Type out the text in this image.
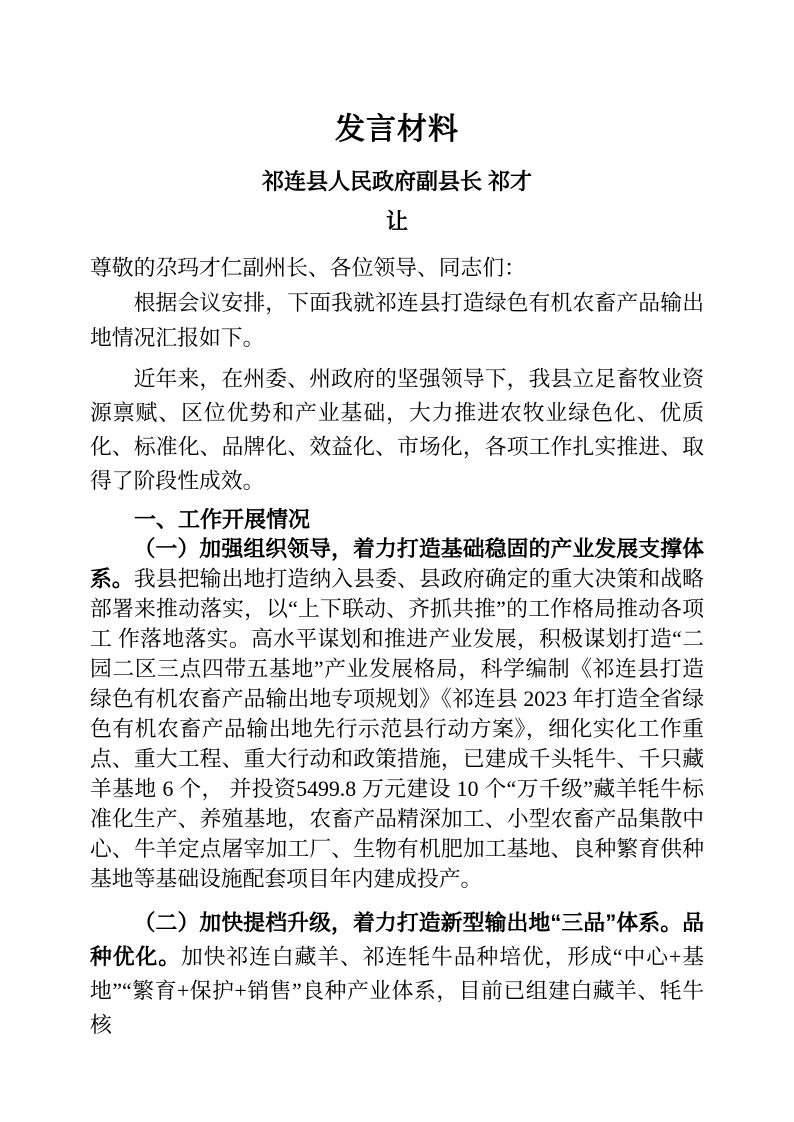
发言材料
祁连县人民政府副县长 祁才
让

尊敬的尕玛才仁副州长、各位领导、同志们：

根据会议安排，下面我就祁连县打造绿色有机农畜产品输出 地情况汇报如下。

近年来，在州委、州政府的坚强领导下，我县立足畜牧业资源禀赋、区位优势和产业基础，大力推进农牧业绿色化、优质化、标准化、品牌化、效益化、市场化，各项工作扎实推进、取得了阶段性成效。

一、工作开展情况

（一）加强组织领导，着力打造基础稳固的产业发展支撑体系。我县把输出地打造纳入县委、县政府确定的重大决策和战略部署来推动落实，以“上下联动、齐抓共推”的工作格局推动各项工 作落地落实。高水平谋划和推进产业发展，积极谋划打造“二园二区三点四带五基地”产业发展格局，科学编制《祁连县打造绿色有机农畜产品输出地专项规划》《祁连县 2023 年打造全省绿色有机农畜产品输出地先行示范县行动方案》，细化实化工作重点、重大工程、重大行动和政策措施，已建成千头牦牛、千只藏羊基地 6 个， 并投资5499.8 万元建设 10 个“万千级”藏羊牦牛标准化生产、养殖基地，农畜产品精深加工、小型农畜产品集散中心、牛羊定点屠宰加工厂、生物有机肥加工基地、良种繁育供种基地等基础设施配套项目年内建成投产。

（二）加快提档升级，着力打造新型输出地“三品”体系。品种优化。加快祁连白藏羊、祁连牦牛品种培优，形成“中心+基地”“繁育+保护+销售”良种产业体系，目前已组建白藏羊、牦牛核
